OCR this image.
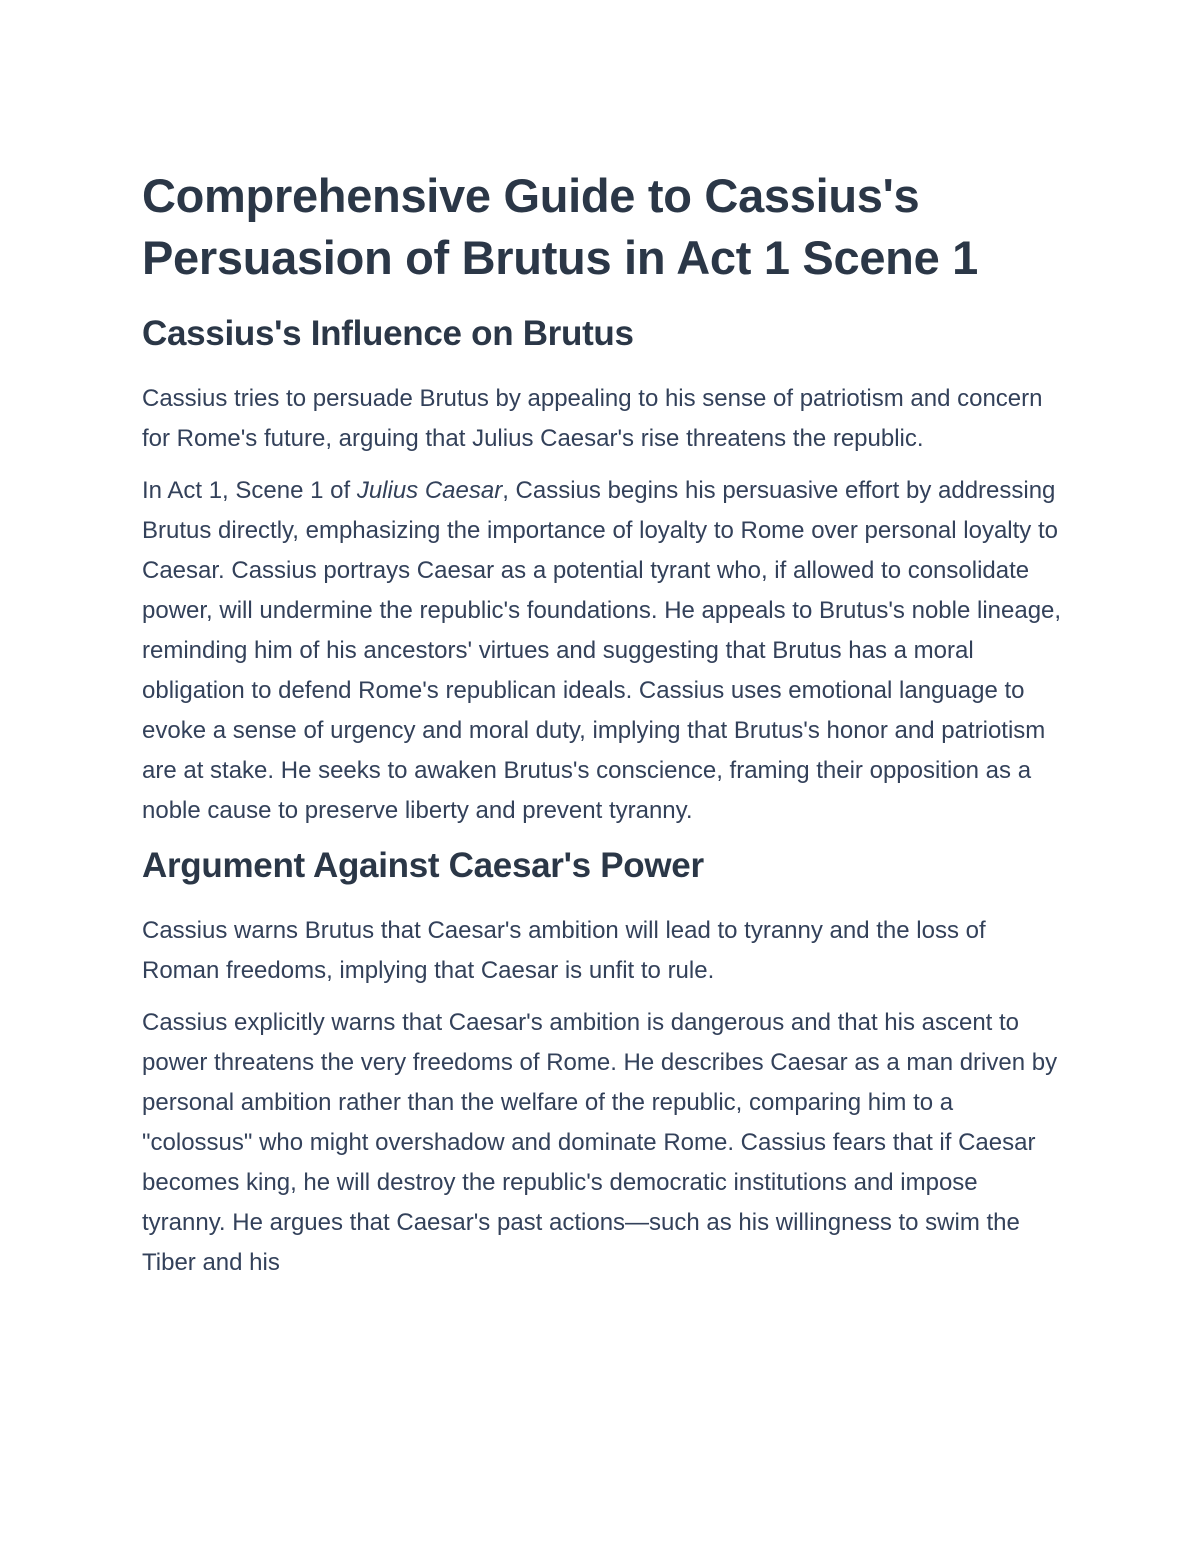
Comprehensive Guide to Cassius's Persuasion of Brutus in Act 1 Scene 1
Cassius's Influence on Brutus

Cassius tries to persuade Brutus by appealing to his sense of patriotism and concern for Rome's future, arguing that Julius Caesar's rise threatens the republic.

In Act 1, Scene 1 of Julius Caesar, Cassius begins his persuasive effort by addressing Brutus directly, emphasizing the importance of loyalty to Rome over personal loyalty to Caesar. Cassius portrays Caesar as a potential tyrant who, if allowed to consolidate power, will undermine the republic's foundations. He appeals to Brutus's noble lineage, reminding him of his ancestors' virtues and suggesting that Brutus has a moral obligation to defend Rome's republican ideals. Cassius uses emotional language to evoke a sense of urgency and moral duty, implying that Brutus's honor and patriotism are at stake. He seeks to awaken Brutus's conscience, framing their opposition as a noble cause to preserve liberty and prevent tyranny.

Argument Against Caesar's Power

Cassius warns Brutus that Caesar's ambition will lead to tyranny and the loss of Roman freedoms, implying that Caesar is unfit to rule.

Cassius explicitly warns that Caesar's ambition is dangerous and that his ascent to power threatens the very freedoms of Rome. He describes Caesar as a man driven by personal ambition rather than the welfare of the republic, comparing him to a "colossus" who might overshadow and dominate Rome. Cassius fears that if Caesar becomes king, he will destroy the republic's democratic institutions and impose tyranny. He argues that Caesar's past actions—such as his willingness to swim the Tiber and his
